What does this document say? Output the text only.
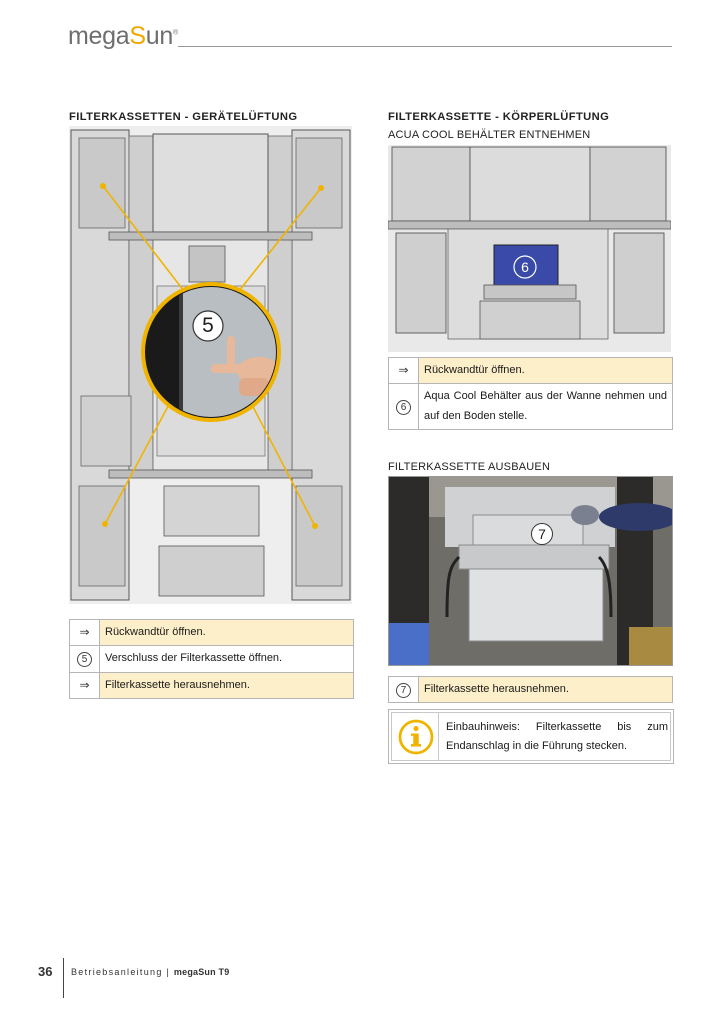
megaSun®
FILTERKASSETTEN - GERÄTELÜFTUNG
5
⇒	Rückwandtür öffnen.
5	Verschluss der Filterkassette öffnen.
⇒	Filterkassette herausnehmen.
FILTERKASSETTE - KÖRPERLÜFTUNG
ACUA COOL BEHÄLTER ENTNEHMEN
6
⇒	Rückwandtür öffnen.
6	Aqua Cool Behälter aus der Wanne nehmen und auf den Boden stelle.
FILTERKASSETTE AUSBAUEN
7
7	Filterkassette herausnehmen.
Einbauhinweis: Filterkassette bis zum Endanschlag in die Führung stecken.
36 Betriebsanleitung | megaSun T9
